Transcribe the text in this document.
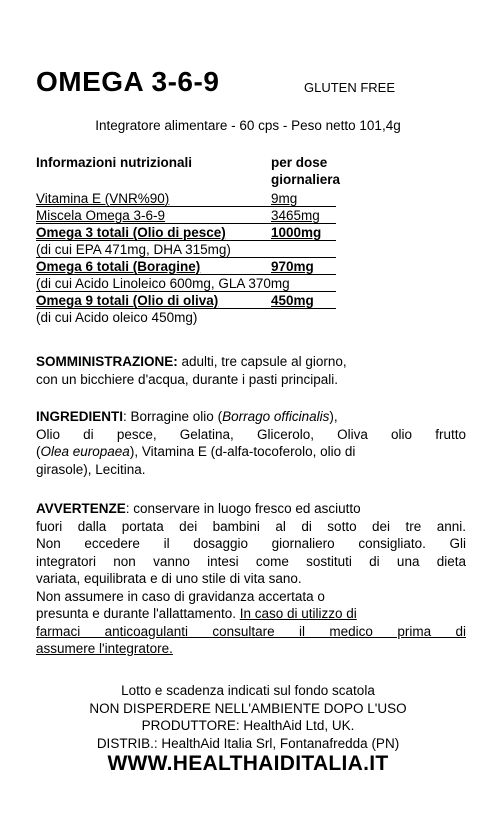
OMEGA 3-6-9	GLUTEN FREE
Integratore alimentare - 60 cps - Peso netto 101,4g
Informazioni nutrizionali	per dose
giornaliera
Vitamina E (VNR%90)	9mg
Miscela Omega 3-6-9	3465mg
Omega 3 totali (Olio di pesce)	1000mg
(di cui EPA 471mg, DHA 315mg)
Omega 6 totali (Boragine)	970mg
(di cui Acido Linoleico 600mg, GLA 370mg
Omega 9 totali (Olio di oliva)	450mg
(di cui Acido oleico 450mg)
SOMMINISTRAZIONE: adulti, tre capsule al giorno,
con un bicchiere d'acqua, durante i pasti principali.
INGREDIENTI: Borragine olio (Borrago officinalis),
Olio di pesce, Gelatina, Glicerolo, Oliva olio frutto
(Olea europaea), Vitamina E (d-alfa-tocoferolo, olio di
girasole), Lecitina.
AVVERTENZE: conservare in luogo fresco ed asciutto
fuori dalla portata dei bambini al di sotto dei tre anni.
Non eccedere il dosaggio giornaliero consigliato. Gli
integratori non vanno intesi come sostituti di una dieta
variata, equilibrata e di uno stile di vita sano.
Non assumere in caso di gravidanza accertata o
presunta e durante l'allattamento. In caso di utilizzo di
farmaci anticoagulanti consultare il medico prima di
assumere l'integratore.
Lotto e scadenza indicati sul fondo scatola
NON DISPERDERE NELL'AMBIENTE DOPO L'USO
PRODUTTORE: HealthAid Ltd, UK.
DISTRIB.: HealthAid Italia Srl, Fontanafredda (PN)
WWW.HEALTHAIDITALIA.IT
